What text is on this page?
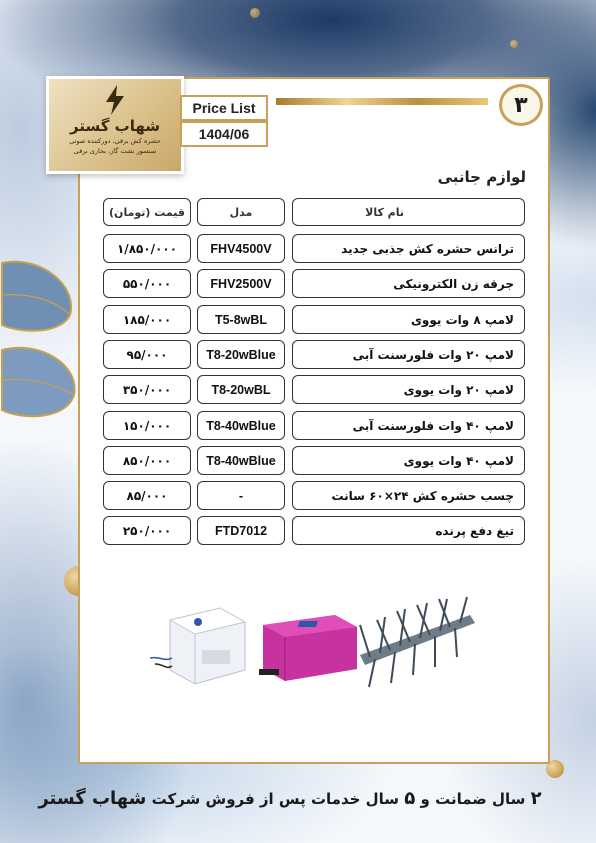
شهاب گستر
حشره کش برقی، دورکننده صوتی
سنسور نشت گاز، بخاری برقی
Price List
1404/06
۳
لوازم جانبی
نام کالا
مدل
قیمت (تومان)
ترانس حشره کش جذبی جدید
FHV4500V
۱/۸۵۰/۰۰۰
جرقه زن الکترونیکی
FHV2500V
۵۵۰/۰۰۰
لامپ ۸ وات یووی
T5-8wBL
۱۸۵/۰۰۰
لامپ ۲۰ وات فلورسنت آبی
T8-20wBlue
۹۵/۰۰۰
لامپ ۲۰ وات یووی
T8-20wBL
۳۵۰/۰۰۰
لامپ ۴۰ وات فلورسنت آبی
T8-40wBlue
۱۵۰/۰۰۰
لامپ ۴۰ وات یووی
T8-40wBlue
۸۵۰/۰۰۰
چسب حشره کش ۲۴×۶۰ سانت
-
۸۵/۰۰۰
تیغ دفع پرنده
FTD7012
۲۵۰/۰۰۰
۲ سال ضمانت و ۵ سال خدمات پس از فروش شرکت شهاب گستر
